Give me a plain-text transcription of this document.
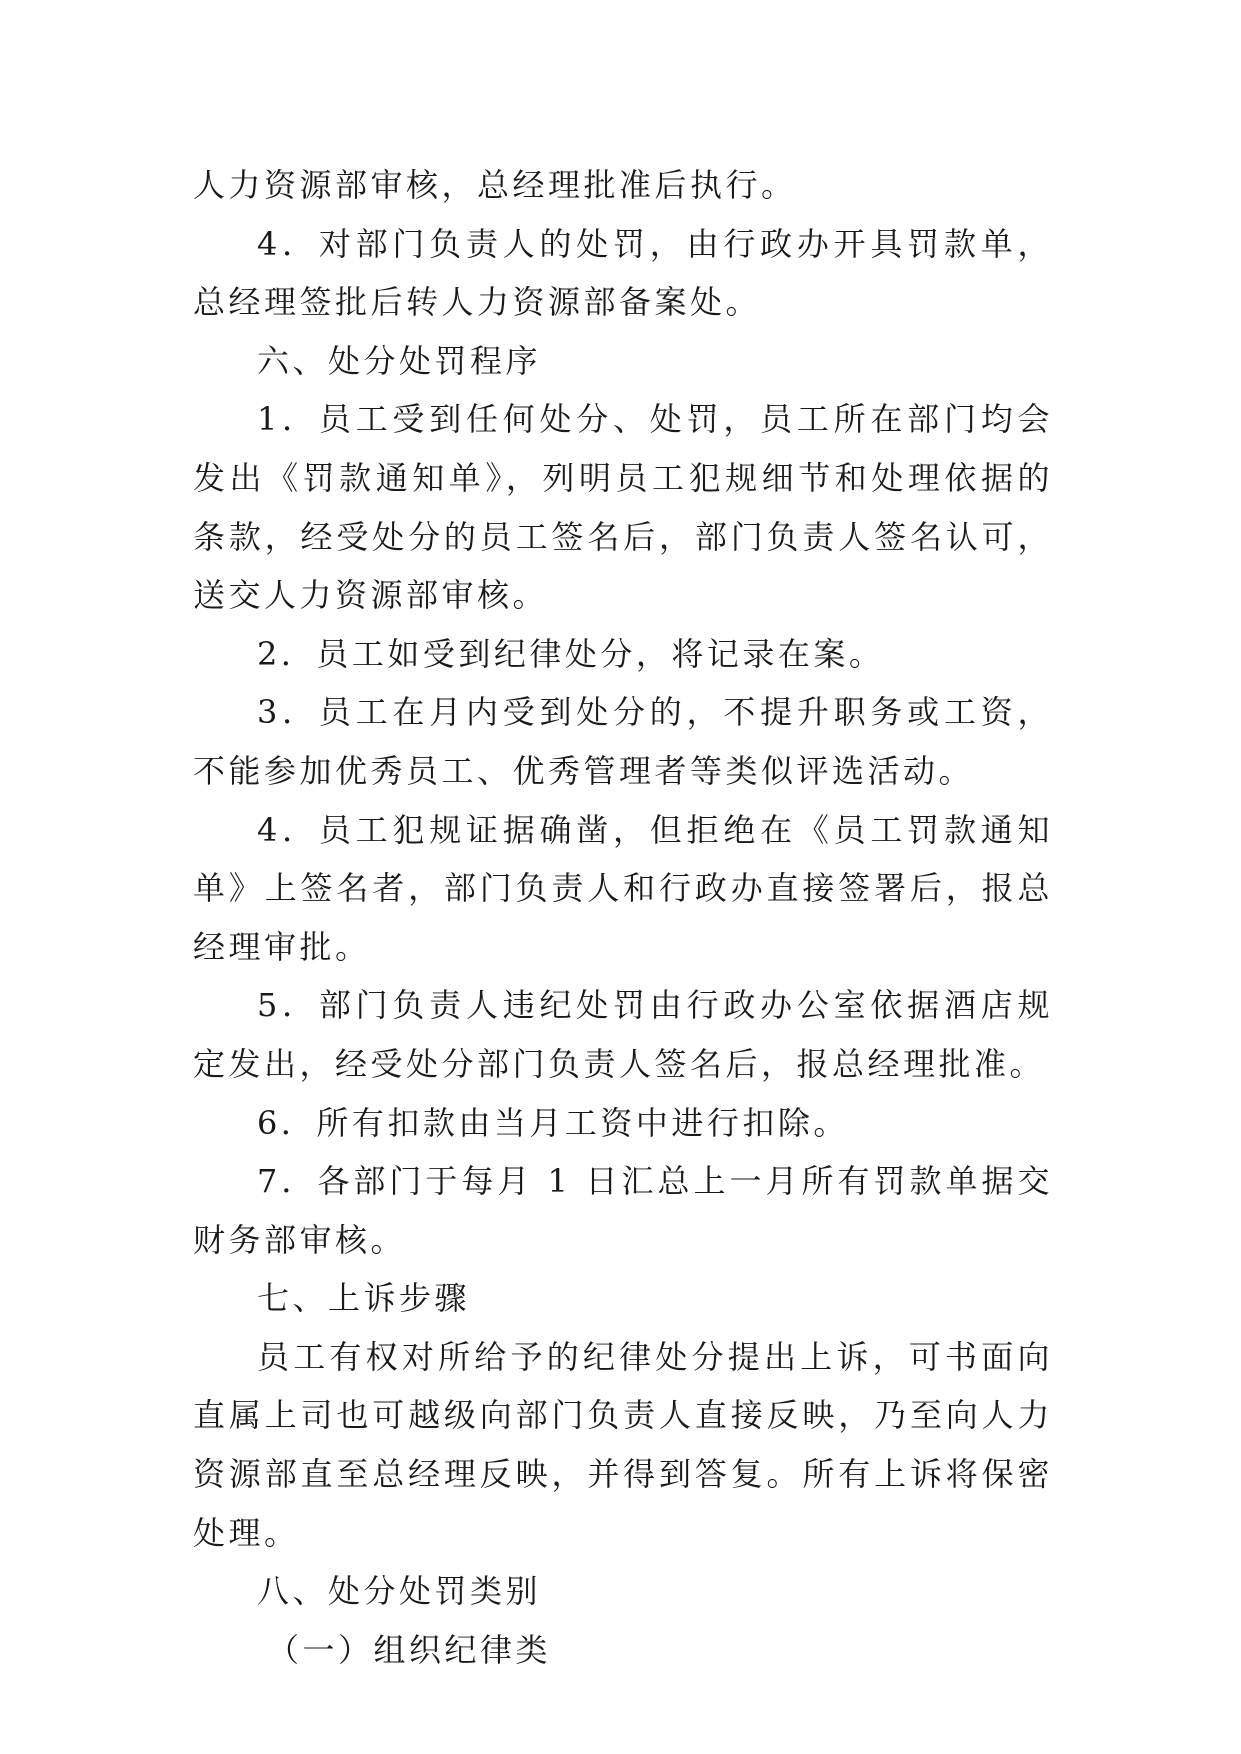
人力资源部审核，总经理批准后执行。

4．对部门负责人的处罚，由行政办开具罚款单，总经理签批后转人力资源部备案处。

六、处分处罚程序

1．员工受到任何处分、处罚，员工所在部门均会发出《罚款通知单》，列明员工犯规细节和处理依据的条款，经受处分的员工签名后，部门负责人签名认可，送交人力资源部审核。

2．员工如受到纪律处分，将记录在案。

3．员工在月内受到处分的，不提升职务或工资，不能参加优秀员工、优秀管理者等类似评选活动。

4．员工犯规证据确凿，但拒绝在《员工罚款通知单》上签名者，部门负责人和行政办直接签署后，报总经理审批。

5．部门负责人违纪处罚由行政办公室依据酒店规定发出，经受处分部门负责人签名后，报总经理批准。

6．所有扣款由当月工资中进行扣除。

7．各部门于每月 1 日汇总上一月所有罚款单据交财务部审核。

七、上诉步骤

员工有权对所给予的纪律处分提出上诉，可书面向直属上司也可越级向部门负责人直接反映，乃至向人力资源部直至总经理反映，并得到答复。所有上诉将保密处理。

八、处分处罚类别

（一）组织纪律类
